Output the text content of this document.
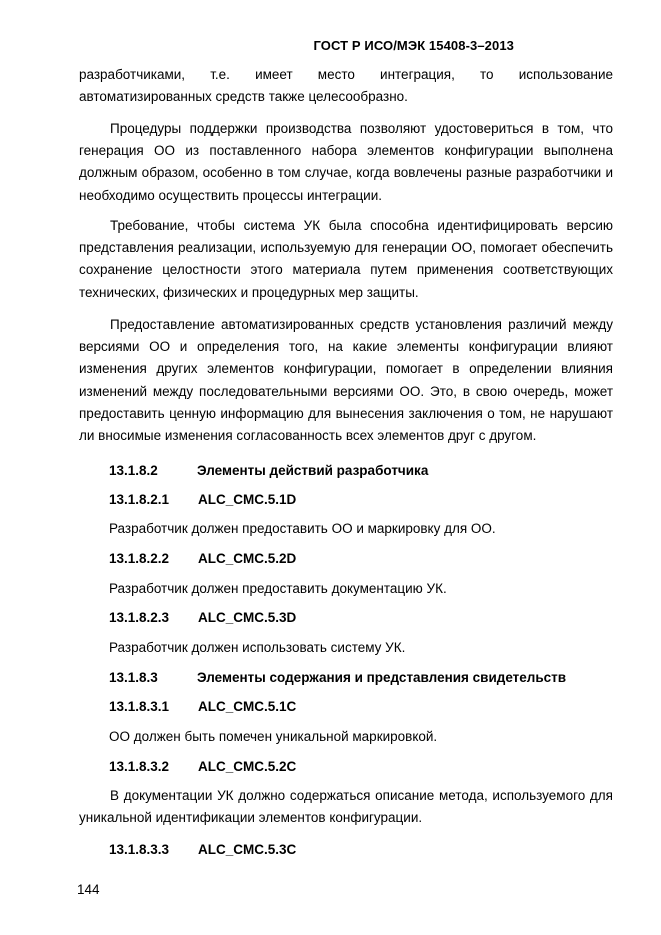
ГОСТ Р ИСО/МЭК 15408-3–2013
разработчиками, т.е. имеет место интеграция, то использование
автоматизированных средств также целесообразно.
Процедуры поддержки производства позволяют удостовериться в том, что
генерация ОО из поставленного набора элементов конфигурации выполнена
должным образом, особенно в том случае, когда вовлечены разные разработчики и
необходимо осуществить процессы интеграции.
Требование, чтобы система УК была способна идентифицировать версию
представления реализации, используемую для генерации ОО, помогает обеспечить
сохранение целостности этого материала путем применения соответствующих
технических, физических и процедурных мер защиты.
Предоставление автоматизированных средств установления различий между
версиями ОО и определения того, на какие элементы конфигурации влияют
изменения других элементов конфигурации, помогает в определении влияния
изменений между последовательными версиями ОО. Это, в свою очередь, может
предоставить ценную информацию для вынесения заключения о том, не нарушают
ли вносимые изменения согласованность всех элементов друг с другом.
13.1.8.2	Элементы действий разработчика
13.1.8.2.1 ALC_CMC.5.1D
Разработчик должен предоставить ОО и маркировку для ОО.
13.1.8.2.2 ALC_CMC.5.2D
Разработчик должен предоставить документацию УК.
13.1.8.2.3 ALC_CMC.5.3D
Разработчик должен использовать систему УК.
13.1.8.3	Элементы содержания и представления свидетельств
13.1.8.3.1 ALC_CMC.5.1C
ОО должен быть помечен уникальной маркировкой.
13.1.8.3.2 ALC_CMC.5.2C
В документации УК должно содержаться описание метода, используемого для
уникальной идентификации элементов конфигурации.
13.1.8.3.3 ALC_CMC.5.3C
144
